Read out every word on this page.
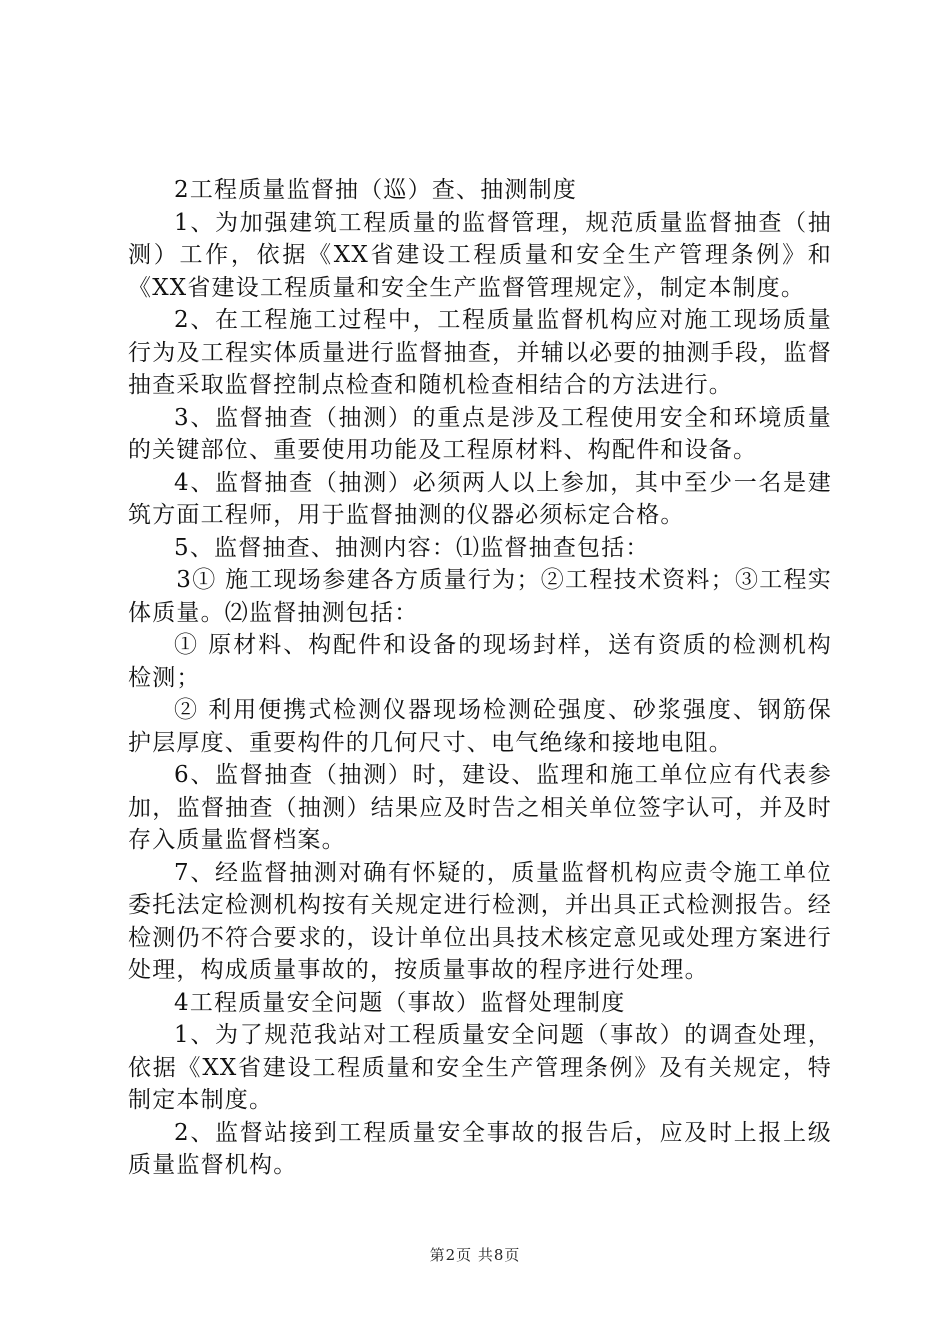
2工程质量监督抽（巡）查、抽测制度

1、为加强建筑工程质量的监督管理，规范质量监督抽查（抽测）工作，依据《XX省建设工程质量和安全生产管理条例》和《XX省建设工程质量和安全生产监督管理规定》，制定本制度。

2、在工程施工过程中，工程质量监督机构应对施工现场质量行为及工程实体质量进行监督抽查，并辅以必要的抽测手段，监督抽查采取监督控制点检查和随机检查相结合的方法进行。

3、监督抽查（抽测）的重点是涉及工程使用安全和环境质量的关键部位、重要使用功能及工程原材料、构配件和设备。

4、监督抽查（抽测）必须两人以上参加，其中至少一名是建筑方面工程师，用于监督抽测的仪器必须标定合格。

5、监督抽查、抽测内容：⑴监督抽查包括：

3① 施工现场参建各方质量行为；②工程技术资料；③工程实体质量。⑵监督抽测包括：

① 原材料、构配件和设备的现场封样，送有资质的检测机构检测；

② 利用便携式检测仪器现场检测砼强度、砂浆强度、钢筋保护层厚度、重要构件的几何尺寸、电气绝缘和接地电阻。

6、监督抽查（抽测）时，建设、监理和施工单位应有代表参加，监督抽查（抽测）结果应及时告之相关单位签字认可，并及时存入质量监督档案。

7、经监督抽测对确有怀疑的，质量监督机构应责令施工单位委托法定检测机构按有关规定进行检测，并出具正式检测报告。经检测仍不符合要求的，设计单位出具技术核定意见或处理方案进行处理，构成质量事故的，按质量事故的程序进行处理。

4工程质量安全问题（事故）监督处理制度

1、为了规范我站对工程质量安全问题（事故）的调查处理，依据《XX省建设工程质量和安全生产管理条例》及有关规定，特制定本制度。

2、监督站接到工程质量安全事故的报告后，应及时上报上级质量监督机构。

第2页 共8页
